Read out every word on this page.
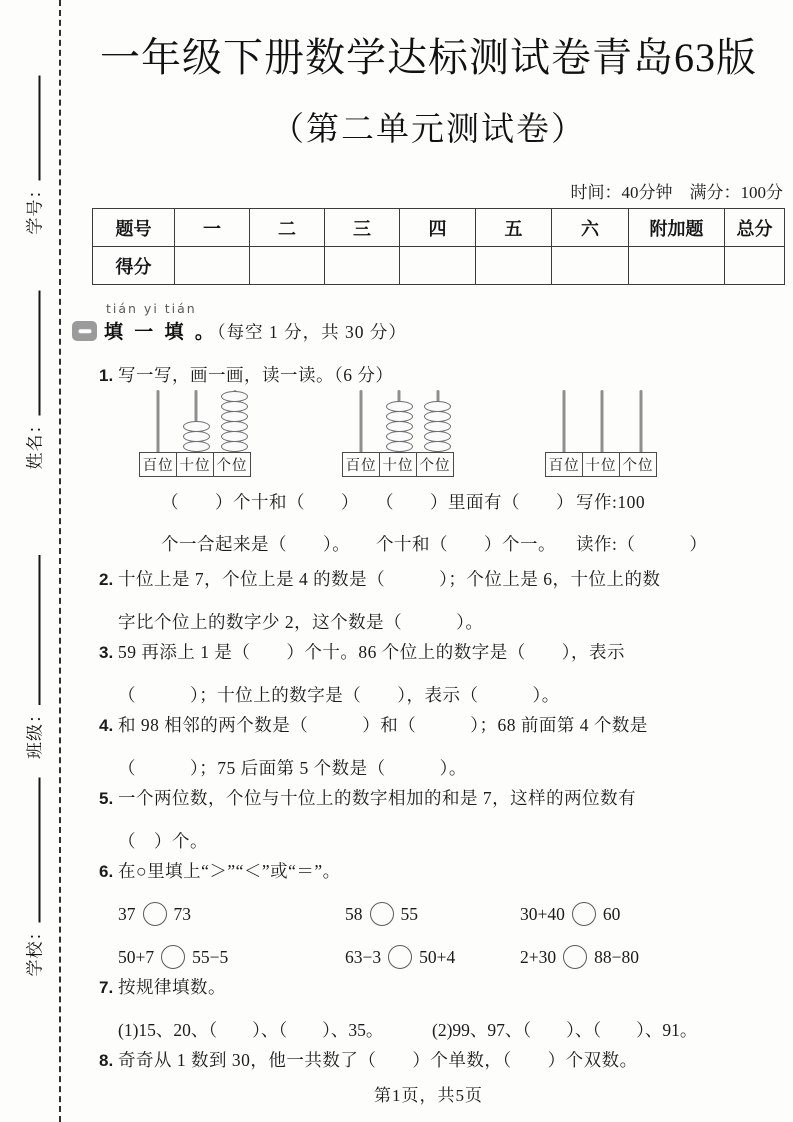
学号：
姓名：
班级：
学校：
一年级下册数学达标测试卷青岛63版
（第二单元测试卷）
时间：40分钟　满分：100分
题号	一	二	三	四	五	六	附加题	总分
得分								
tián yi tián
填 一 填 。（每空 1 分，共 30 分）
1. 写一写，画一画，读一读。（6 分）
百位 十位 个位	百位 十位 个位	百位 十位 个位
（　　）个十和（　　） （　　）里面有（　　） 写作:100
个一合起来是（　　）。	个十和（　　）个一。	读作:（　　　）
2. 十位上是 7，个位上是 4 的数是（　　　）；个位上是 6，十位上的数
字比个位上的数字少 2，这个数是（　　　）。
3. 59 再添上 1 是（　　）个十。86 个位上的数字是（　　），表示
（　　　）；十位上的数字是（　　），表示（　　　）。
4. 和 98 相邻的两个数是（　　　）和（　　　）；68 前面第 4 个数是
（　　　）；75 后面第 5 个数是（　　　）。
5. 一个两位数，个位与十位上的数字相加的和是 7，这样的两位数有
（　）个。
6. 在○里填上“＞”“＜”或“＝”。
37 73	58 55	30+40 60
50+7 55−5	63−3 50+4	2+30 88−80
7. 按规律填数。
(1)15、20、（　　）、（　　）、35。	(2)99、97、（　　）、（　　）、91。
8. 奇奇从 1 数到 30，他一共数了（　　）个单数，（　　）个双数。
第1页，共5页
